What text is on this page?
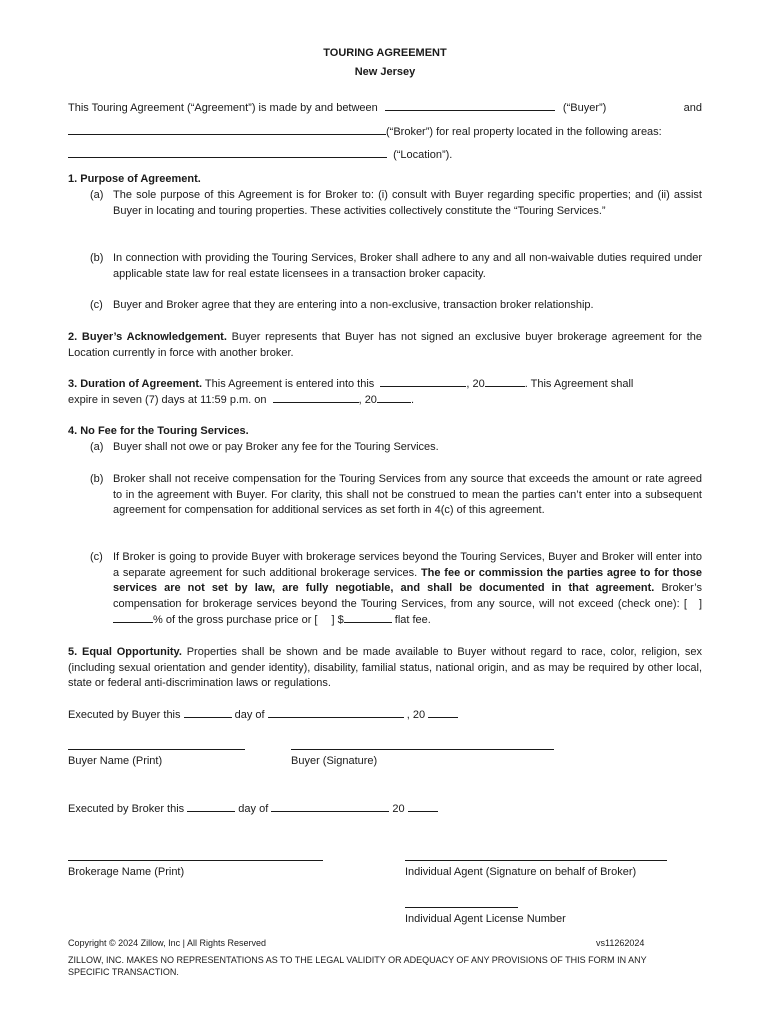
TOURING AGREEMENT
New Jersey
This Touring Agreement (“Agreement”) is made by and between	(“Buyer”)	and
(“Broker”) for real property located in the following areas:
(“Location”).
1. Purpose of Agreement.
(a) The sole purpose of this Agreement is for Broker to: (i) consult with Buyer regarding specific properties; and (ii) assist Buyer in locating and touring properties. These activities collectively constitute the “Touring Services.”
(b) In connection with providing the Touring Services, Broker shall adhere to any and all non-waivable duties required under applicable state law for real estate licensees in a transaction broker capacity.
(c) Buyer and Broker agree that they are entering into a non-exclusive, transaction broker relationship.
2. Buyer’s Acknowledgement. Buyer represents that Buyer has not signed an exclusive buyer brokerage agreement for the Location currently in force with another broker.
3. Duration of Agreement. This Agreement is entered into this	, 20	. This Agreement shall
expire in seven (7) days at 11:59 p.m. on	, 20	.
4. No Fee for the Touring Services.
(a) Buyer shall not owe or pay Broker any fee for the Touring Services.
(b) Broker shall not receive compensation for the Touring Services from any source that exceeds the amount or rate agreed to in the agreement with Buyer. For clarity, this shall not be construed to mean the parties can’t enter into a subsequent agreement for compensation for additional services as set forth in 4(c) of this agreement.
(c) If Broker is going to provide Buyer with brokerage services beyond the Touring Services, Buyer and Broker will enter into a separate agreement for such additional brokerage services. The fee or commission the parties agree to for those services are not set by law, are fully negotiable, and shall be documented in that agreement. Broker’s compensation for brokerage services beyond the Touring Services, from any source, will not exceed (check one): [ ] % of the gross purchase price or [ ] $	flat fee.
5. Equal Opportunity. Properties shall be shown and be made available to Buyer without regard to race, color, religion, sex (including sexual orientation and gender identity), disability, familial status, national origin, and as may be required by other local, state or federal anti-discrimination laws or regulations.
Executed by Buyer this	day of	, 20
Buyer Name (Print)	Buyer (Signature)
Executed by Broker this	day of	20
Brokerage Name (Print)	Individual Agent (Signature on behalf of Broker)
Individual Agent License Number
Copyright © 2024 Zillow, Inc | All Rights Reserved	vs11262024
ZILLOW, INC. MAKES NO REPRESENTATIONS AS TO THE LEGAL VALIDITY OR ADEQUACY OF ANY PROVISIONS OF THIS FORM IN ANY
SPECIFIC TRANSACTION.
